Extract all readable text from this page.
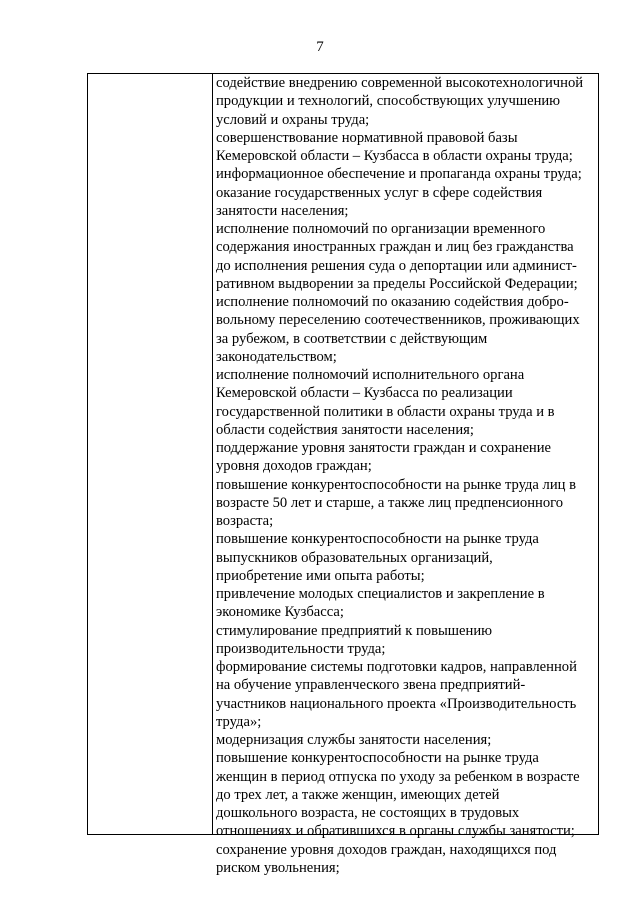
7
содействие внедрению современной высокотехнологичной
продукции и технологий, способствующих улучшению
условий и охраны труда;
совершенствование нормативной правовой базы
Кемеровской области – Кузбасса в области охраны труда;
информационное обеспечение и пропаганда охраны труда;
оказание государственных услуг в сфере содействия
занятости населения;
исполнение полномочий по организации временного
содержания иностранных граждан и лиц без гражданства
до исполнения решения суда о депортации или админист-
ративном выдворении за пределы Российской Федерации;
исполнение полномочий по оказанию содействия добро-
вольному переселению соотечественников, проживающих
за рубежом, в соответствии с действующим
законодательством;
исполнение полномочий исполнительного органа
Кемеровской области – Кузбасса по реализации
государственной политики в области охраны труда и в
области содействия занятости населения;
поддержание уровня занятости граждан и сохранение
уровня доходов граждан;
повышение конкурентоспособности на рынке труда лиц в
возрасте 50 лет и старше, а также лиц предпенсионного
возраста;
повышение конкурентоспособности на рынке труда
выпускников образовательных организаций,
приобретение ими опыта работы;
привлечение молодых специалистов и закрепление в
экономике Кузбасса;
стимулирование предприятий к повышению
производительности труда;
формирование системы подготовки кадров, направленной
на обучение управленческого звена предприятий-
участников национального проекта «Производительность
труда»;
модернизация службы занятости населения;
повышение конкурентоспособности на рынке труда
женщин в период отпуска по уходу за ребенком в возрасте
до трех лет, а также женщин, имеющих детей
дошкольного возраста, не состоящих в трудовых
отношениях и обратившихся в органы службы занятости;
сохранение уровня доходов граждан, находящихся под
риском увольнения;
